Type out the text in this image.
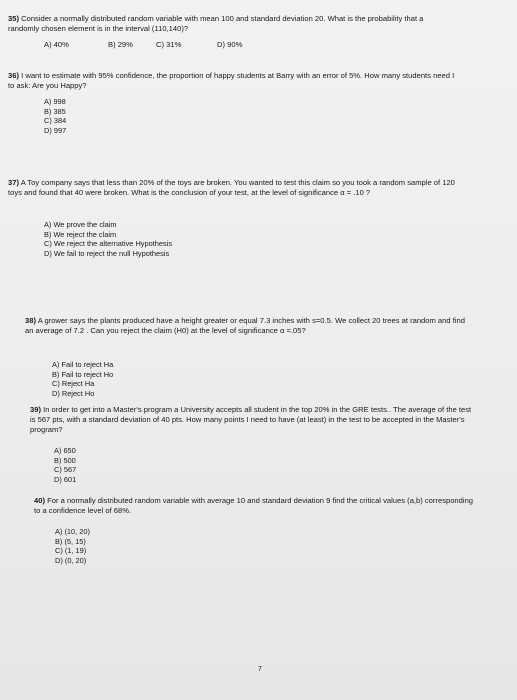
35) Consider a normally distributed random variable with mean 100 and standard deviation 20. What is the probability that a randomly chosen element is in the interval (110,140)?
A) 40%	B) 29%	C) 31%	D) 90%
36) I want to estimate with 95% confidence, the proportion of happy students at Barry with an error of 5%. How many students need I to ask: Are you Happy?
A) 998
B) 385
C) 384
D) 997
37) A Toy company says that less than 20% of the toys are broken. You wanted to test this claim so you took a random sample of 120 toys and found that 40 were broken. What is the conclusion of your test, at the level of significance α = .10 ?
A) We prove the claim
B) We reject the claim
C) We reject the alternative Hypothesis
D) We fail to reject the null Hypothesis
38) A grower says the plants produced have a height greater or equal 7.3 inches with s=0.5. We collect 20 trees at random and find an average of 7.2 . Can you reject the claim (H0) at the level of significance α =.05?
A) Fail to reject Ha
B) Fail to reject Ho
C) Reject Ha
D) Reject Ho
39) In order to get into a Master's program a University accepts all student in the top 20% in the GRE tests.. The average of the test is 567 pts, with a standard deviation of 40 pts. How many points I need to have (at least) in the test to be accepted in the Master's program?
A) 650
B) 500
C) 567
D) 601
40) For a normally distributed random variable with average 10 and standard deviation 9 find the critical values (a,b) corresponding to a confidence level of 68%.
A) (10, 20)
B) (5, 15)
C) (1, 19)
D) (0, 20)
7
